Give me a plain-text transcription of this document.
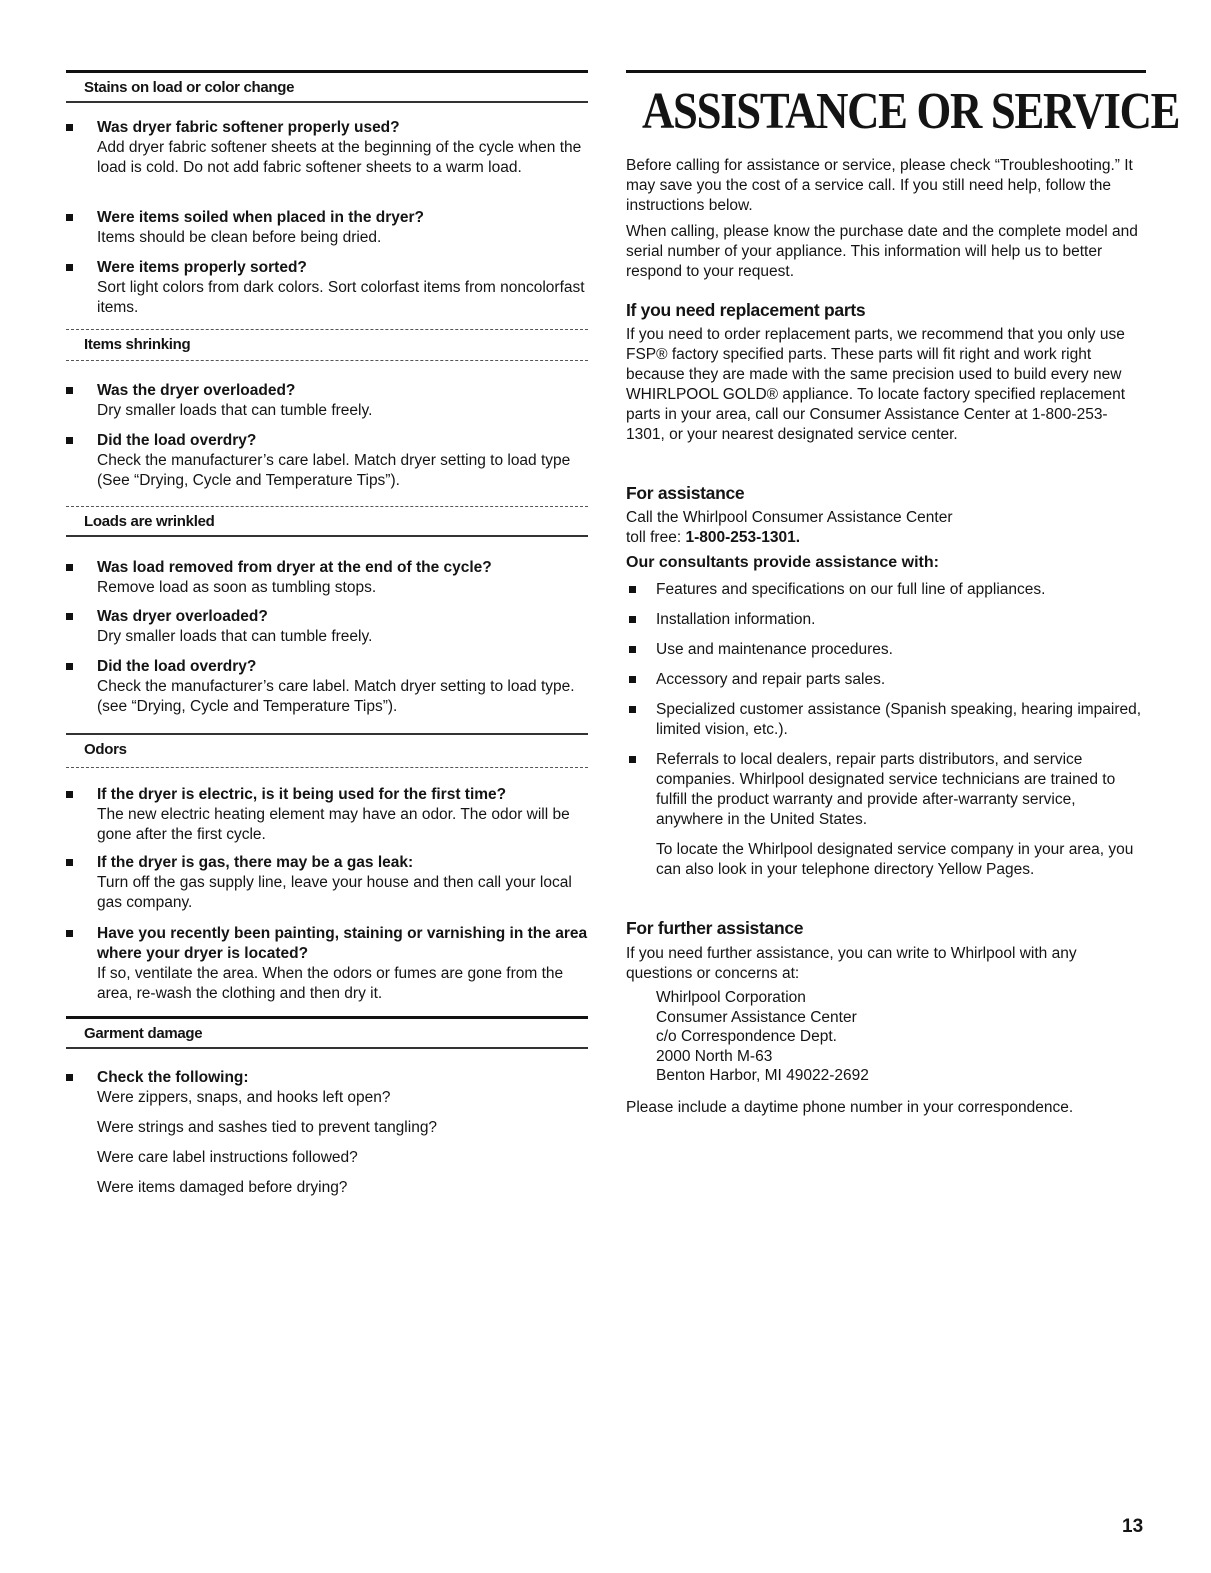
Stains on load or color change
Was dryer fabric softener properly used?
Add dryer fabric softener sheets at the beginning of the cycle when the load is cold. Do not add fabric softener sheets to a warm load.
Were items soiled when placed in the dryer?
Items should be clean before being dried.
Were items properly sorted?
Sort light colors from dark colors. Sort colorfast items from noncolorfast items.
Items shrinking
Was the dryer overloaded?
Dry smaller loads that can tumble freely.
Did the load overdry?
Check the manufacturer’s care label. Match dryer setting to load type (See “Drying, Cycle and Temperature Tips”).
Loads are wrinkled
Was load removed from dryer at the end of the cycle?
Remove load as soon as tumbling stops.
Was dryer overloaded?
Dry smaller loads that can tumble freely.
Did the load overdry?
Check the manufacturer’s care label. Match dryer setting to load type. (see “Drying, Cycle and Temperature Tips”).
Odors
If the dryer is electric, is it being used for the first time?
The new electric heating element may have an odor. The odor will be gone after the first cycle.
If the dryer is gas, there may be a gas leak:
Turn off the gas supply line, leave your house and then call your local gas company.
Have you recently been painting, staining or varnishing in the area where your dryer is located?
If so, ventilate the area. When the odors or fumes are gone from the area, re-wash the clothing and then dry it.
Garment damage
Check the following:
Were zippers, snaps, and hooks left open?
Were strings and sashes tied to prevent tangling?
Were care label instructions followed?
Were items damaged before drying?
ASSISTANCE OR SERVICE
Before calling for assistance or service, please check “Troubleshooting.” It may save you the cost of a service call. If you still need help, follow the instructions below.
When calling, please know the purchase date and the complete model and serial number of your appliance. This information will help us to better respond to your request.
If you need replacement parts
If you need to order replacement parts, we recommend that you only use FSP® factory specified parts. These parts will fit right and work right because they are made with the same precision used to build every new WHIRLPOOL GOLD® appliance. To locate factory specified replacement parts in your area, call our Consumer Assistance Center at 1-800-253-1301, or your nearest designated service center.
For assistance
Call the Whirlpool Consumer Assistance Center
toll free: 1-800-253-1301.
Our consultants provide assistance with:
Features and specifications on our full line of appliances.
Installation information.
Use and maintenance procedures.
Accessory and repair parts sales.
Specialized customer assistance (Spanish speaking, hearing impaired, limited vision, etc.).
Referrals to local dealers, repair parts distributors, and service companies. Whirlpool designated service technicians are trained to fulfill the product warranty and provide after-warranty service, anywhere in the United States.
To locate the Whirlpool designated service company in your area, you can also look in your telephone directory Yellow Pages.
For further assistance
If you need further assistance, you can write to Whirlpool with any questions or concerns at:
Whirlpool Corporation
Consumer Assistance Center
c/o Correspondence Dept.
2000 North M-63
Benton Harbor, MI 49022-2692
Please include a daytime phone number in your correspondence.
13
